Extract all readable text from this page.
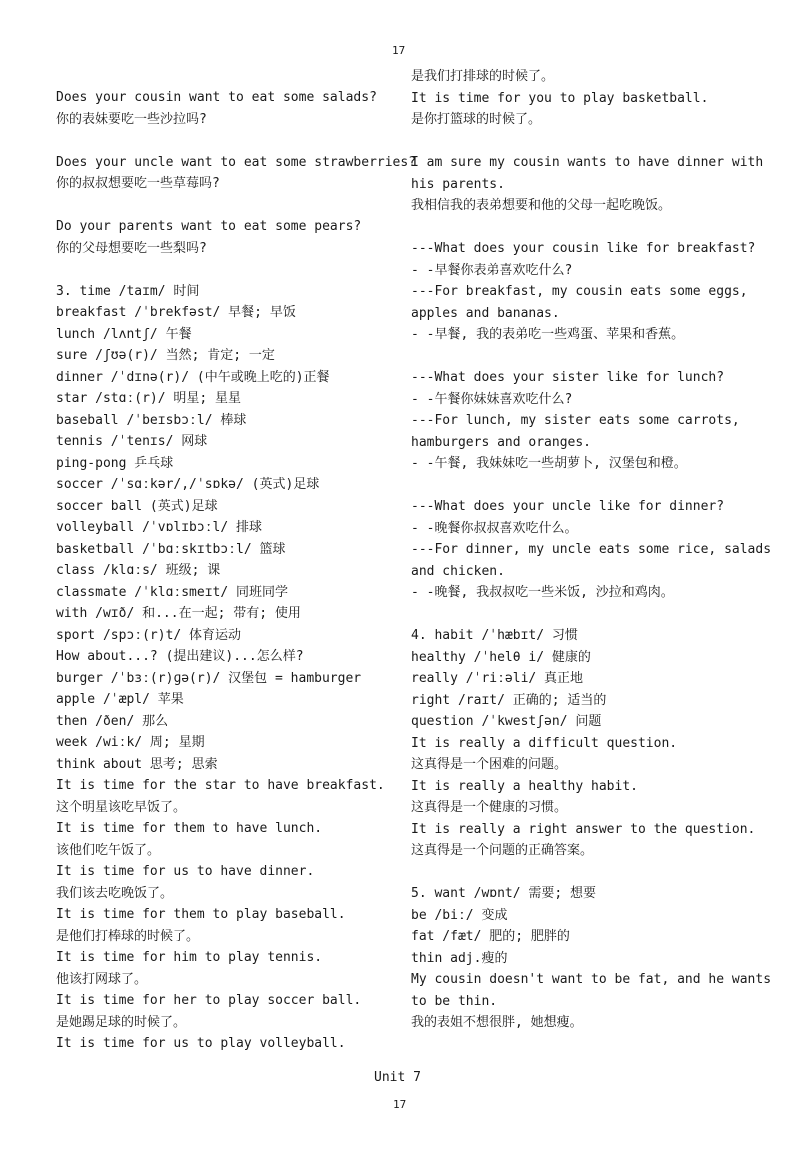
17
Does your cousin want to eat some salads?
你的表妹要吃一些沙拉吗?
Does your uncle want to eat some strawberries?
你的叔叔想要吃一些草莓吗?
Do your parents want to eat some pears?
你的父母想要吃一些梨吗?
3. time /taɪm/ 时间
breakfast /ˈbrekfəst/ 早餐; 早饭
lunch /lʌntʃ/ 午餐
sure /ʃʊə(r)/ 当然; 肯定; 一定
dinner /ˈdɪnə(r)/ (中午或晚上吃的)正餐
star /stɑː(r)/ 明星; 星星
baseball /ˈbeɪsbɔːl/ 棒球
tennis /ˈtenɪs/ 网球
ping-pong 乒乓球
soccer /ˈsɑːkər/,/ˈsɒkə/ (英式)足球
soccer ball (英式)足球
volleyball /ˈvɒlɪbɔːl/ 排球
basketball /ˈbɑːskɪtbɔːl/ 篮球
class /klɑːs/ 班级; 课
classmate /ˈklɑːsmeɪt/ 同班同学
with /wɪð/ 和...在一起; 带有; 使用
sport /spɔː(r)t/ 体育运动
How about...? (提出建议)...怎么样?
burger /ˈbɜː(r)ɡə(r)/ 汉堡包 = hamburger
apple /ˈæpl/ 苹果
then /ðen/ 那么
week /wiːk/ 周; 星期
think about 思考; 思索
It is time for the star to have breakfast.
这个明星该吃早饭了。
It is time for them to have lunch.
该他们吃午饭了。
It is time for us to have dinner.
我们该去吃晚饭了。
It is time for them to play baseball.
是他们打棒球的时候了。
It is time for him to play tennis.
他该打网球了。
It is time for her to play soccer ball.
是她踢足球的时候了。
It is time for us to play volleyball.
是我们打排球的时候了。
It is time for you to play basketball.
是你打篮球的时候了。
I am sure my cousin wants to have dinner with
his parents.
我相信我的表弟想要和他的父母一起吃晚饭。
---What does your cousin like for breakfast?
- -早餐你表弟喜欢吃什么?
---For breakfast, my cousin eats some eggs,
apples and bananas.
- -早餐, 我的表弟吃一些鸡蛋、苹果和香蕉。
---What does your sister like for lunch?
- -午餐你妹妹喜欢吃什么?
---For lunch, my sister eats some carrots,
hamburgers and oranges.
- -午餐, 我妹妹吃一些胡萝卜, 汉堡包和橙。
---What does your uncle like for dinner?
- -晚餐你叔叔喜欢吃什么。
---For dinner, my uncle eats some rice, salads
and chicken.
- -晚餐, 我叔叔吃一些米饭, 沙拉和鸡肉。
4. habit /ˈhæbɪt/ 习惯
healthy /ˈhelθ i/ 健康的
really /ˈriːəli/ 真正地
right /raɪt/ 正确的; 适当的
question /ˈkwestʃən/ 问题
It is really a difficult question.
这真得是一个困难的问题。
It is really a healthy habit.
这真得是一个健康的习惯。
It is really a right answer to the question.
这真得是一个问题的正确答案。
5. want /wɒnt/ 需要; 想要
be /biː/ 变成
fat /fæt/ 肥的; 肥胖的
thin adj.瘦的
My cousin doesn't want to be fat, and he wants
to be thin.
我的表姐不想很胖, 她想瘦。
Unit 7
17
